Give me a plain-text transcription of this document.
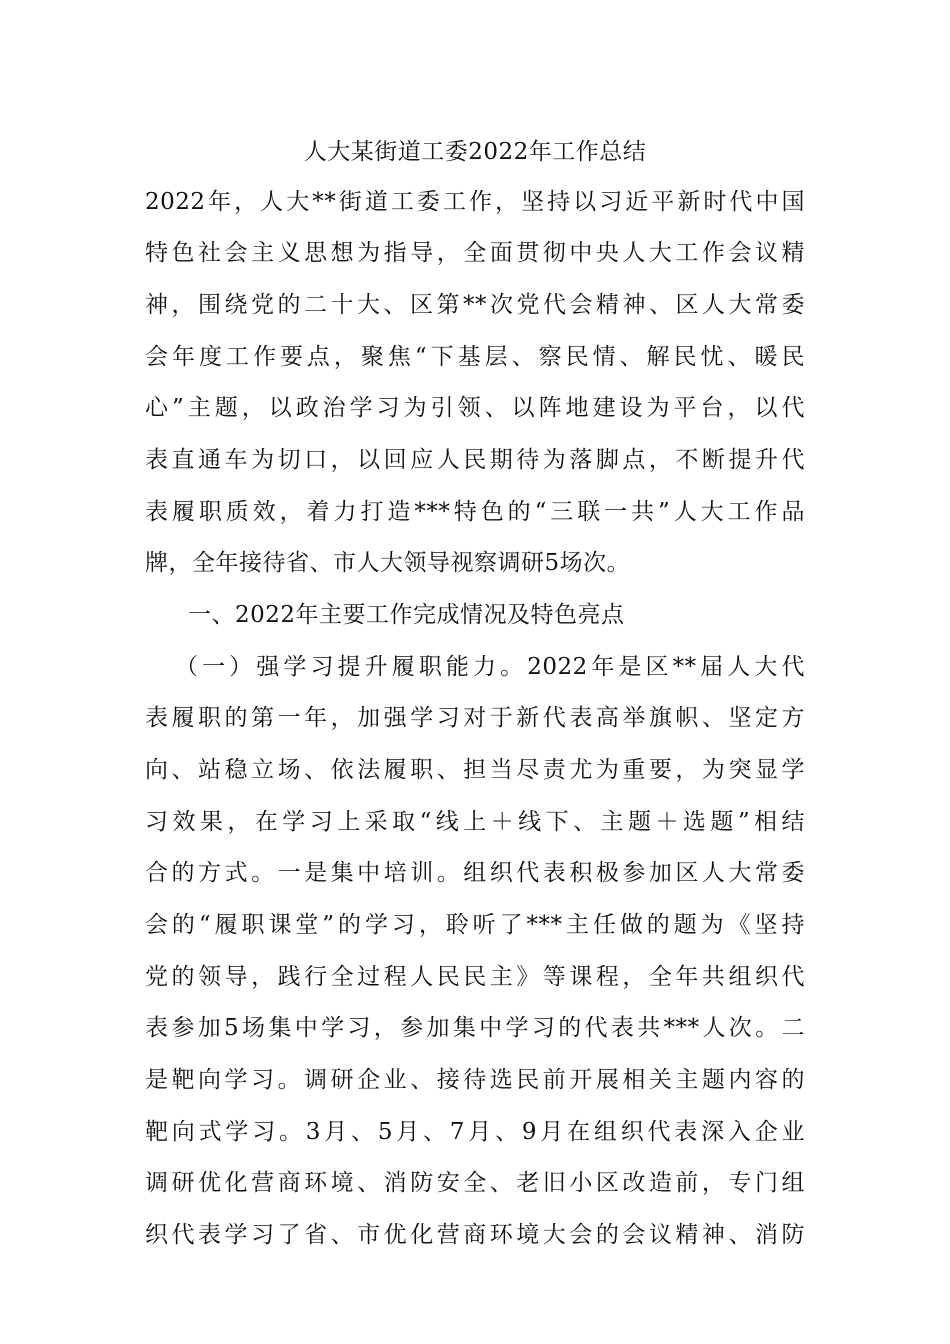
人大某街道工委2022年工作总结
2022年，人大**街道工委工作，坚持以习近平新时代中国
特色社会主义思想为指导，全面贯彻中央人大工作会议精
神，围绕党的二十大、区第**次党代会精神、区人大常委
会年度工作要点，聚焦“下基层、察民情、解民忧、暖民
心”主题，以政治学习为引领、以阵地建设为平台，以代
表直通车为切口，以回应人民期待为落脚点，不断提升代
表履职质效，着力打造***特色的“三联一共”人大工作品
牌，全年接待省、市人大领导视察调研5场次。
一、2022年主要工作完成情况及特色亮点
（一）强学习提升履职能力。2022年是区**届人大代
表履职的第一年，加强学习对于新代表高举旗帜、坚定方
向、站稳立场、依法履职、担当尽责尤为重要，为突显学
习效果，在学习上采取“线上＋线下、主题＋选题”相结
合的方式。一是集中培训。组织代表积极参加区人大常委
会的“履职课堂”的学习，聆听了***主任做的题为《坚持
党的领导，践行全过程人民民主》等课程，全年共组织代
表参加5场集中学习，参加集中学习的代表共***人次。二
是靶向学习。调研企业、接待选民前开展相关主题内容的
靶向式学习。3月、5月、7月、9月在组织代表深入企业
调研优化营商环境、消防安全、老旧小区改造前，专门组
织代表学习了省、市优化营商环境大会的会议精神、消防
